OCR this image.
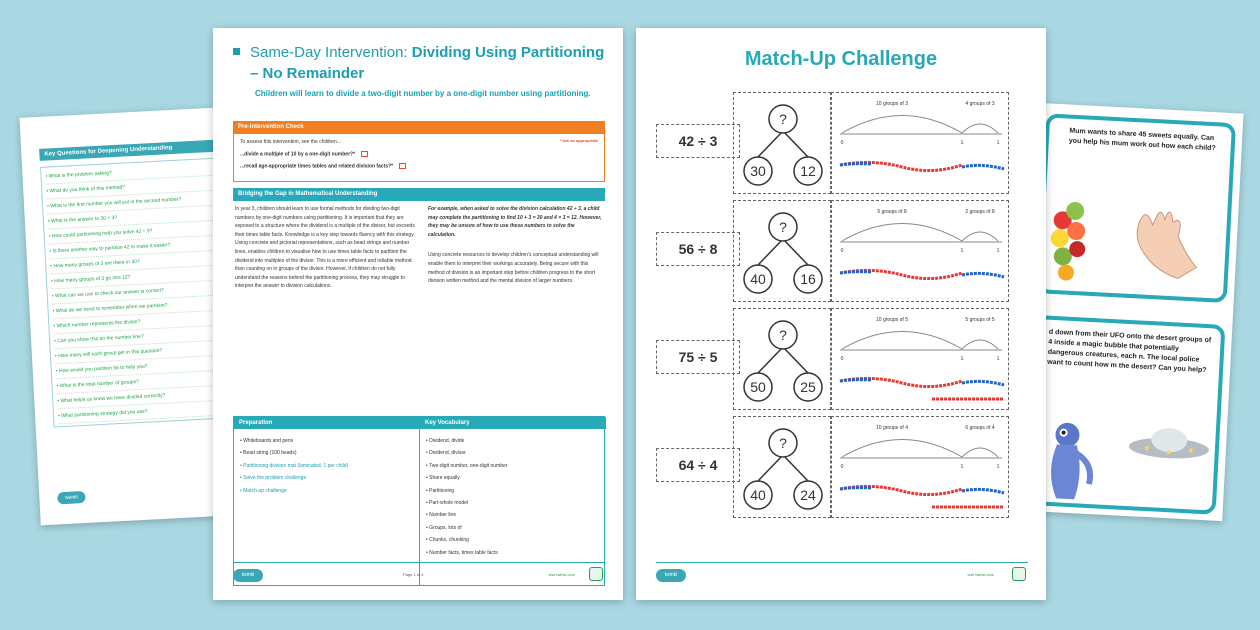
Key Questions for Deepening Understanding
• What is the problem asking?
• What do you think of this method?
• What is the first number you will put in the second number?
• What is the answer to 30 ÷ 3?
• How could partitioning help you solve 42 ÷ 3?
• Is there another way to partition 42 to make it easier?
• How many groups of 3 are there in 30?
• How many groups of 3 go into 12?
• What can we use to check our answer is correct?
• What do we need to remember when we partition?
• Which number represents the divisor?
• Can you show this on the number line?
• How many will each group get in this question?
• How would you partition 56 to help you?
• What is the total number of groups?
• What helps us know we have divided correctly?
• What partitioning strategy did you use?
twinkl
Mum wants to share 45 sweets equally. Can you help his mum work out how each child?
d down from their UFO onto the desert groups of 4 inside a magic bubble that potentially dangerous creatures, each n. The local police want to count how m the desert? Can you help?
Same-Day Intervention: Dividing Using Partitioning
– No Remainder
Children will learn to divide a two-digit number by a one-digit number using partitioning.
Pre-Intervention Check
To assess this intervention, see the children...
...divide a multiple of 10 by a one-digit number?*
...recall age-appropriate times tables and related division facts?*
* tick as appropriate
Bridging the Gap in Mathematical Understanding
In year 3, children should learn to use formal methods for dividing two-digit numbers by one-digit numbers using partitioning. It is important that they are exposed to a structure where the dividend is a multiple of the divisor, but exceeds their times table facts. Knowledge is a key step towards fluency with this strategy. Using concrete and pictorial representations, such as bead strings and number lines, enables children to visualise how to use times table facts to partition the dividend into multiples of the divisor. This is a more efficient and reliable method than counting on in groups of the divisor. However, if children do not fully understand the reasons behind the partitioning process, they may struggle to interpret the answer to division calculations.

For example, when asked to solve the division calculation 42 ÷ 3, a child may complete the partitioning to find 10 + 3 = 30 and 4 × 3 = 12. However, they may be unsure of how to use these numbers to solve the calculation.

Using concrete resources to develop children's conceptual understanding will enable them to interpret their workings accurately. Being secure with this method of division is an important step before children progress to the short division written method and the mental division of larger numbers.

Preparation	Key Vocabulary
• Whiteboards and pens
• Bead string (100 beads)
• Partitioning division mat (laminated, 1 per child)
• Solve the problem challenge
• Match-up challenge
• Dividend, divide
• Dividend, divisor
• Two-digit number, one-digit number
• Share equally
• Partitioning
• Part-whole model
• Number line
• Groups, lots of
• Chunks, chunking
• Number facts, times table facts
twinkl	Page 1 of 4	visit twinkl.com
Match-Up Challenge
42 ÷ 3
?
30 12
10 groups of 3	4 groups of 3
0	1	1
56 ÷ 8
?
40 16
5 groups of 8	2 groups of 8
0	1	1
75 ÷ 5
?
50 25
10 groups of 5	5 groups of 5
0	1	1
64 ÷ 4
?
40 24
10 groups of 4	6 groups of 4
0	1	1
twinkl	visit twinkl.com
